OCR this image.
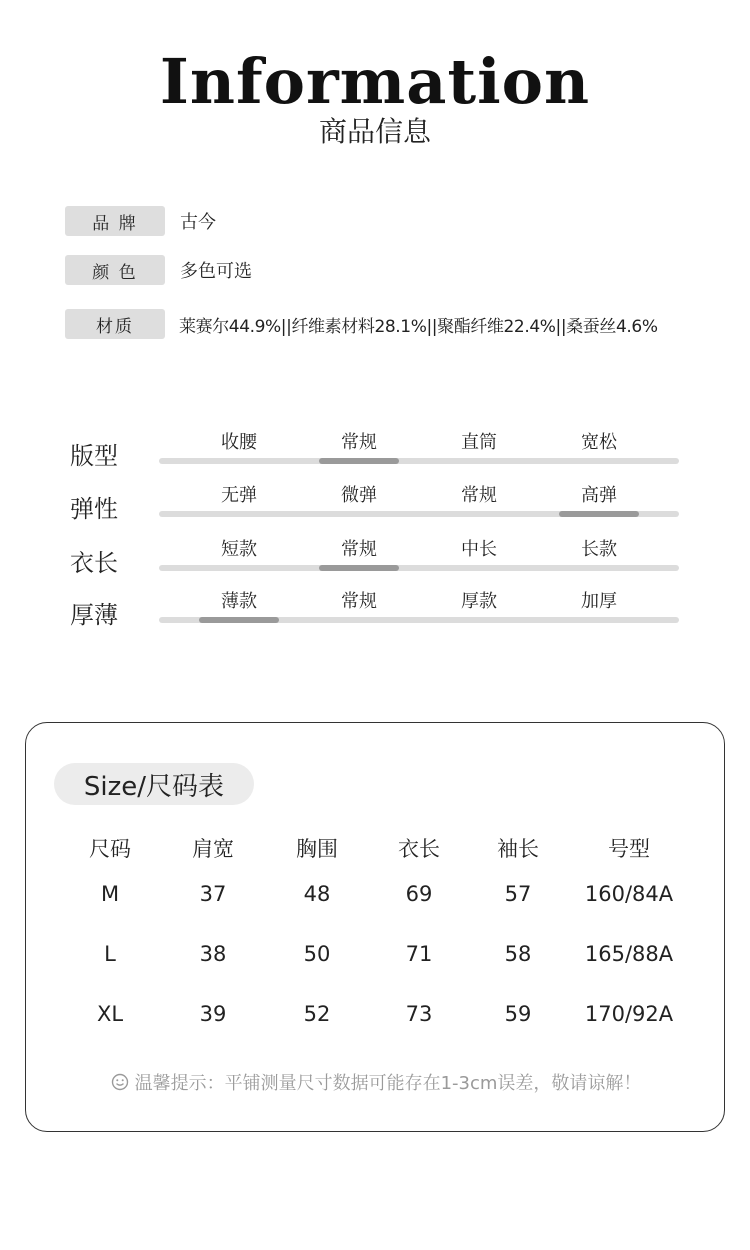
Information
商品信息
品 牌	古今
颜 色	多色可选
材质	莱赛尔44.9%||纤维素材料28.1%||聚酯纤维22.4%||桑蚕丝4.6%
版型	收腰	常规	直筒	宽松
弹性	无弹	微弹	常规	高弹
衣长	短款	常规	中长	长款
厚薄	薄款	常规	厚款	加厚
Size/尺码表
尺码	肩宽	胸围	衣长	袖长	号型
M	37	48	69	57	160/84A
L	38	50	71	58	165/88A
XL	39	52	73	59	170/92A
温馨提示：平铺测量尺寸数据可能存在1-3cm误差，敬请谅解！
